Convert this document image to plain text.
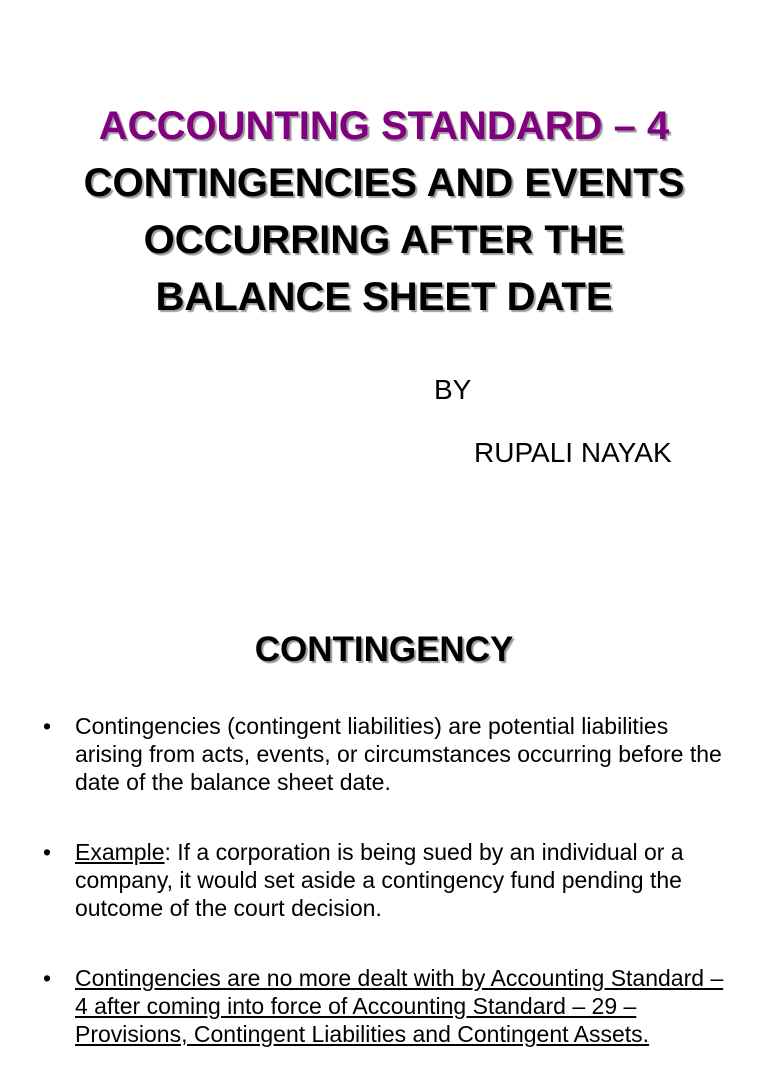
ACCOUNTING STANDARD – 4
CONTINGENCIES AND EVENTS
OCCURRING AFTER THE
BALANCE SHEET DATE
BY
RUPALI NAYAK
CONTINGENCY
• Contingencies (contingent liabilities) are potential liabilities arising from acts, events, or circumstances occurring before the date of the balance sheet date.
• Example: If a corporation is being sued by an individual or a company, it would set aside a contingency fund pending the outcome of the court decision.
• Contingencies are no more dealt with by Accounting Standard – 4 after coming into force of Accounting Standard – 29 – Provisions, Contingent Liabilities and Contingent Assets.
